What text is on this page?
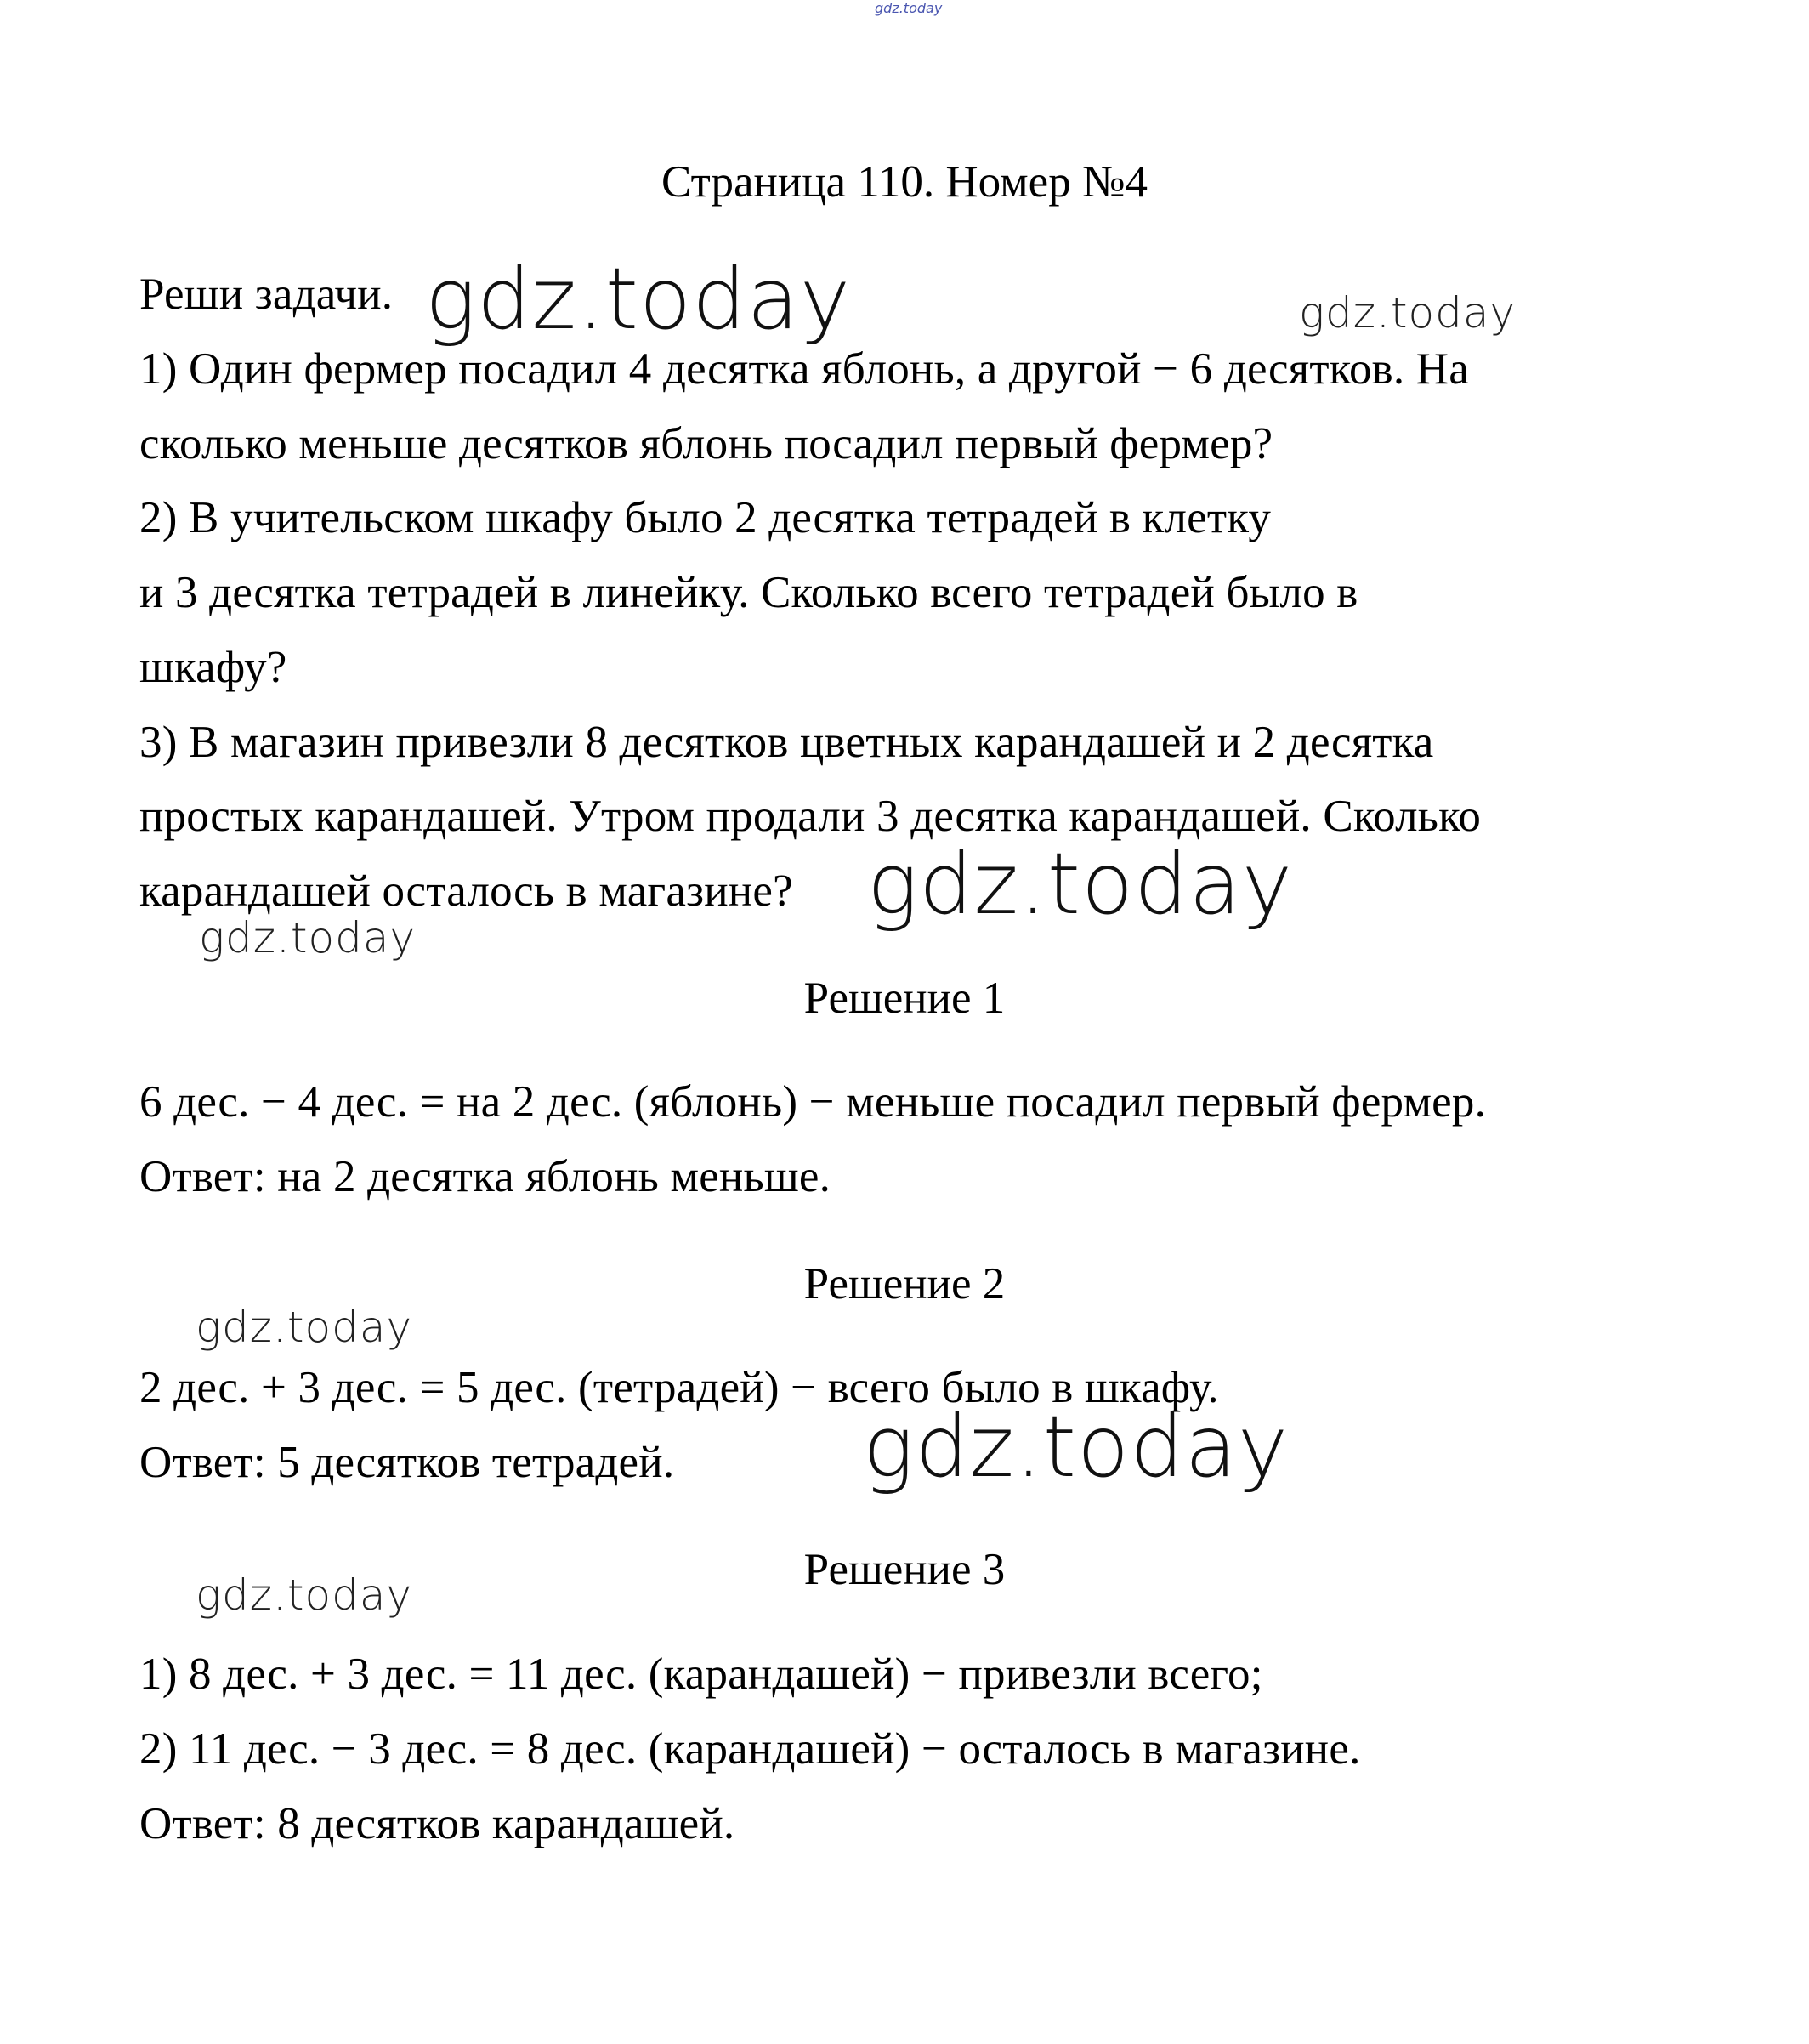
gdz.today
Страница 110. Номер №4
Реши задачи.
1) Один фермер посадил 4 десятка яблонь, а другой − 6 десятков. На
сколько меньше десятков яблонь посадил первый фермер?
2) В учительском шкафу было 2 десятка тетрадей в клетку
и 3 десятка тетрадей в линейку. Сколько всего тетрадей было в
шкафу?
3) В магазин привезли 8 десятков цветных карандашей и 2 десятка
простых карандашей. Утром продали 3 десятка карандашей. Сколько
карандашей осталось в магазине?
Решение 1
6 дес. − 4 дес. = на 2 дес. (яблонь) − меньше посадил первый фермер.
Ответ: на 2 десятка яблонь меньше.
Решение 2
2 дес. + 3 дес. = 5 дес. (тетрадей) − всего было в шкафу.
Ответ: 5 десятков тетрадей.
Решение 3
1) 8 дес. + 3 дес. = 11 дес. (карандашей) − привезли всего;
2) 11 дес. − 3 дес. = 8 дес. (карандашей) − осталось в магазине.
Ответ: 8 десятков карандашей.
gdz.today	gdz.today
gdz.today
gdz.today
gdz.today
gdz.today
gdz.today
